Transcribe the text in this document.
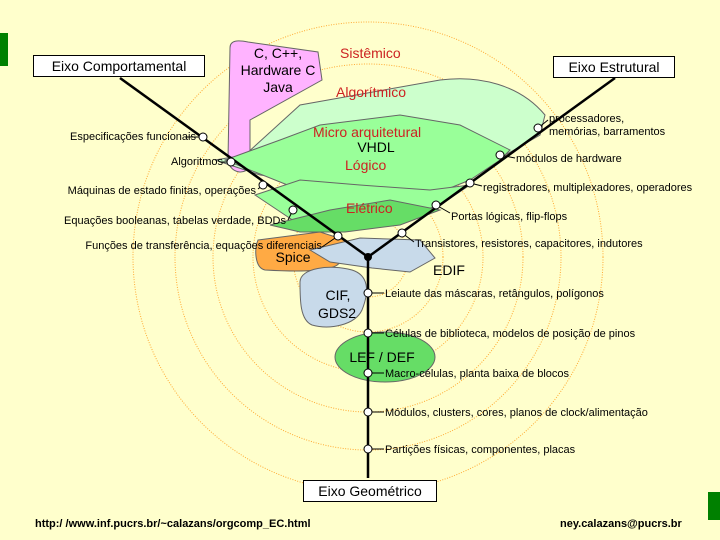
Sistêmico
Algorítmico
Micro arquitetural
Lógico
Elétrico
C, C++,
Hardware C
Java
VHDL
Spice
EDIF
CIF,
GDS2
LEF / DEF
Especificações funcionais
Algoritmos
Máquinas de estado finitas, operações
Equações booleanas, tabelas verdade, BDDs
Funções de transferência, equações diferenciais
processadores,
memórias, barramentos
módulos de hardware
registradores, multiplexadores, operadores
Portas lógicas, flip-flops
Transistores, resistores, capacitores, indutores
Leiaute das máscaras, retângulos, polígonos
Células de biblioteca, modelos de posição de pinos
Macro-células, planta baixa de blocos
Módulos, clusters, cores, planos de clock/alimentação
Partições físicas, componentes, placas
Eixo Comportamental	Eixo Estrutural
Eixo Geométrico
http:/ /www.inf.pucrs.br/~calazans/orgcomp_EC.html	ney.calazans@pucrs.br
